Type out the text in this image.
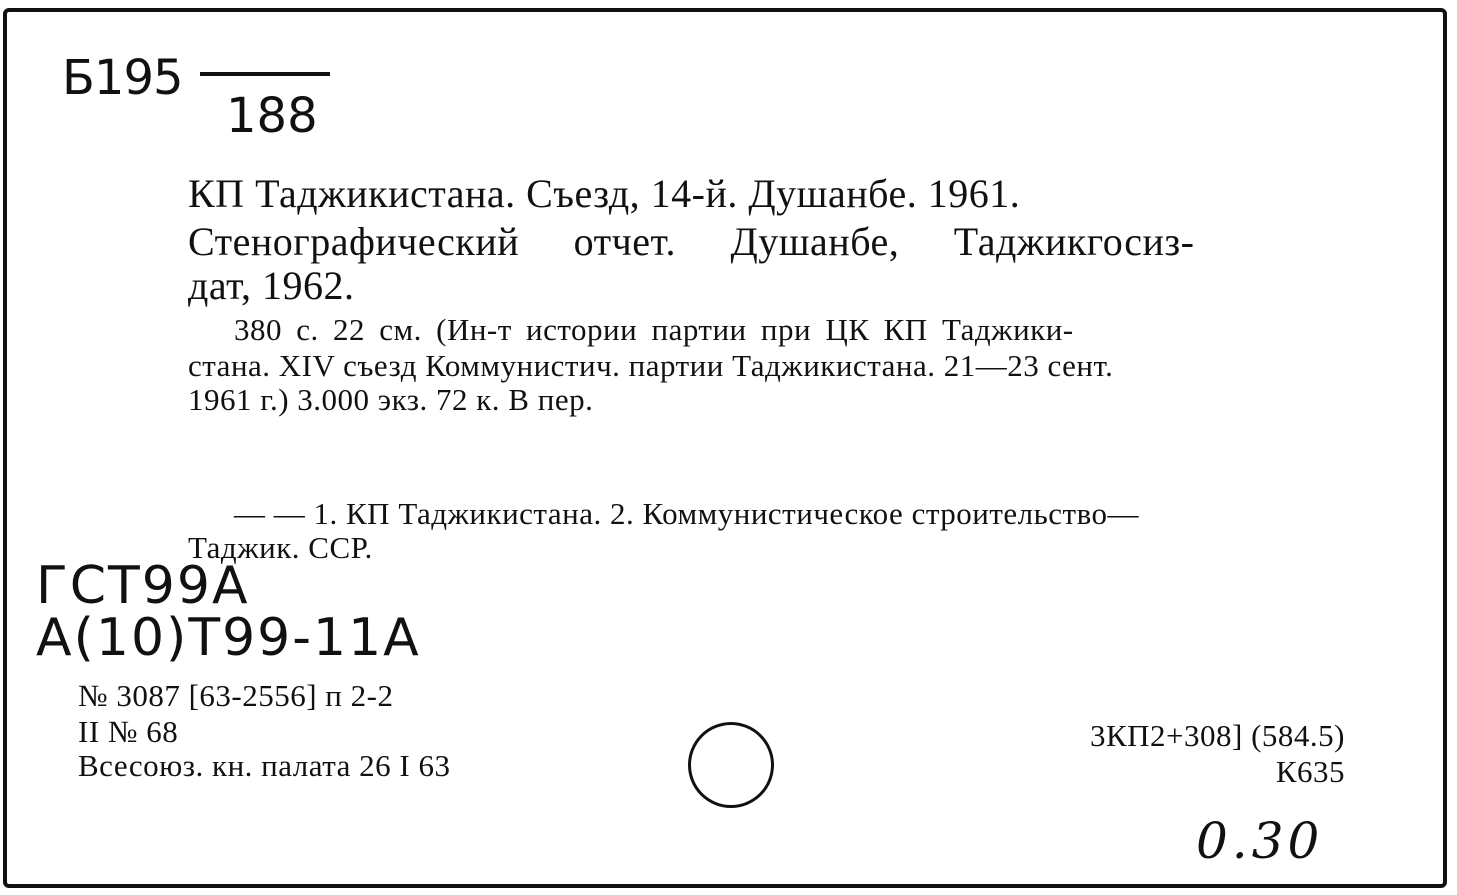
Б195
188
КП Таджикистана. Съезд, 14-й. Душанбе. 1961.
Стенографический отчет. Душанбе, Таджикгосиз-
дат, 1962.
380 с. 22 см. (Ин-т истории партии при ЦК КП Таджики-
стана. XIV съезд Коммунистич. партии Таджикистана. 21—23 сент.
1961 г.) 3.000 экз. 72 к. В пер.
— — 1. КП Таджикистана. 2. Коммунистическое строительство—
Таджик. ССР.
ГСТ99А
А(10)Т99-11А
№ 3087 [63-2556] п 2-2
II № 68
Всесоюз. кн. палата 26 I 63
3КП2+308] (584.5)
К635
0.30
